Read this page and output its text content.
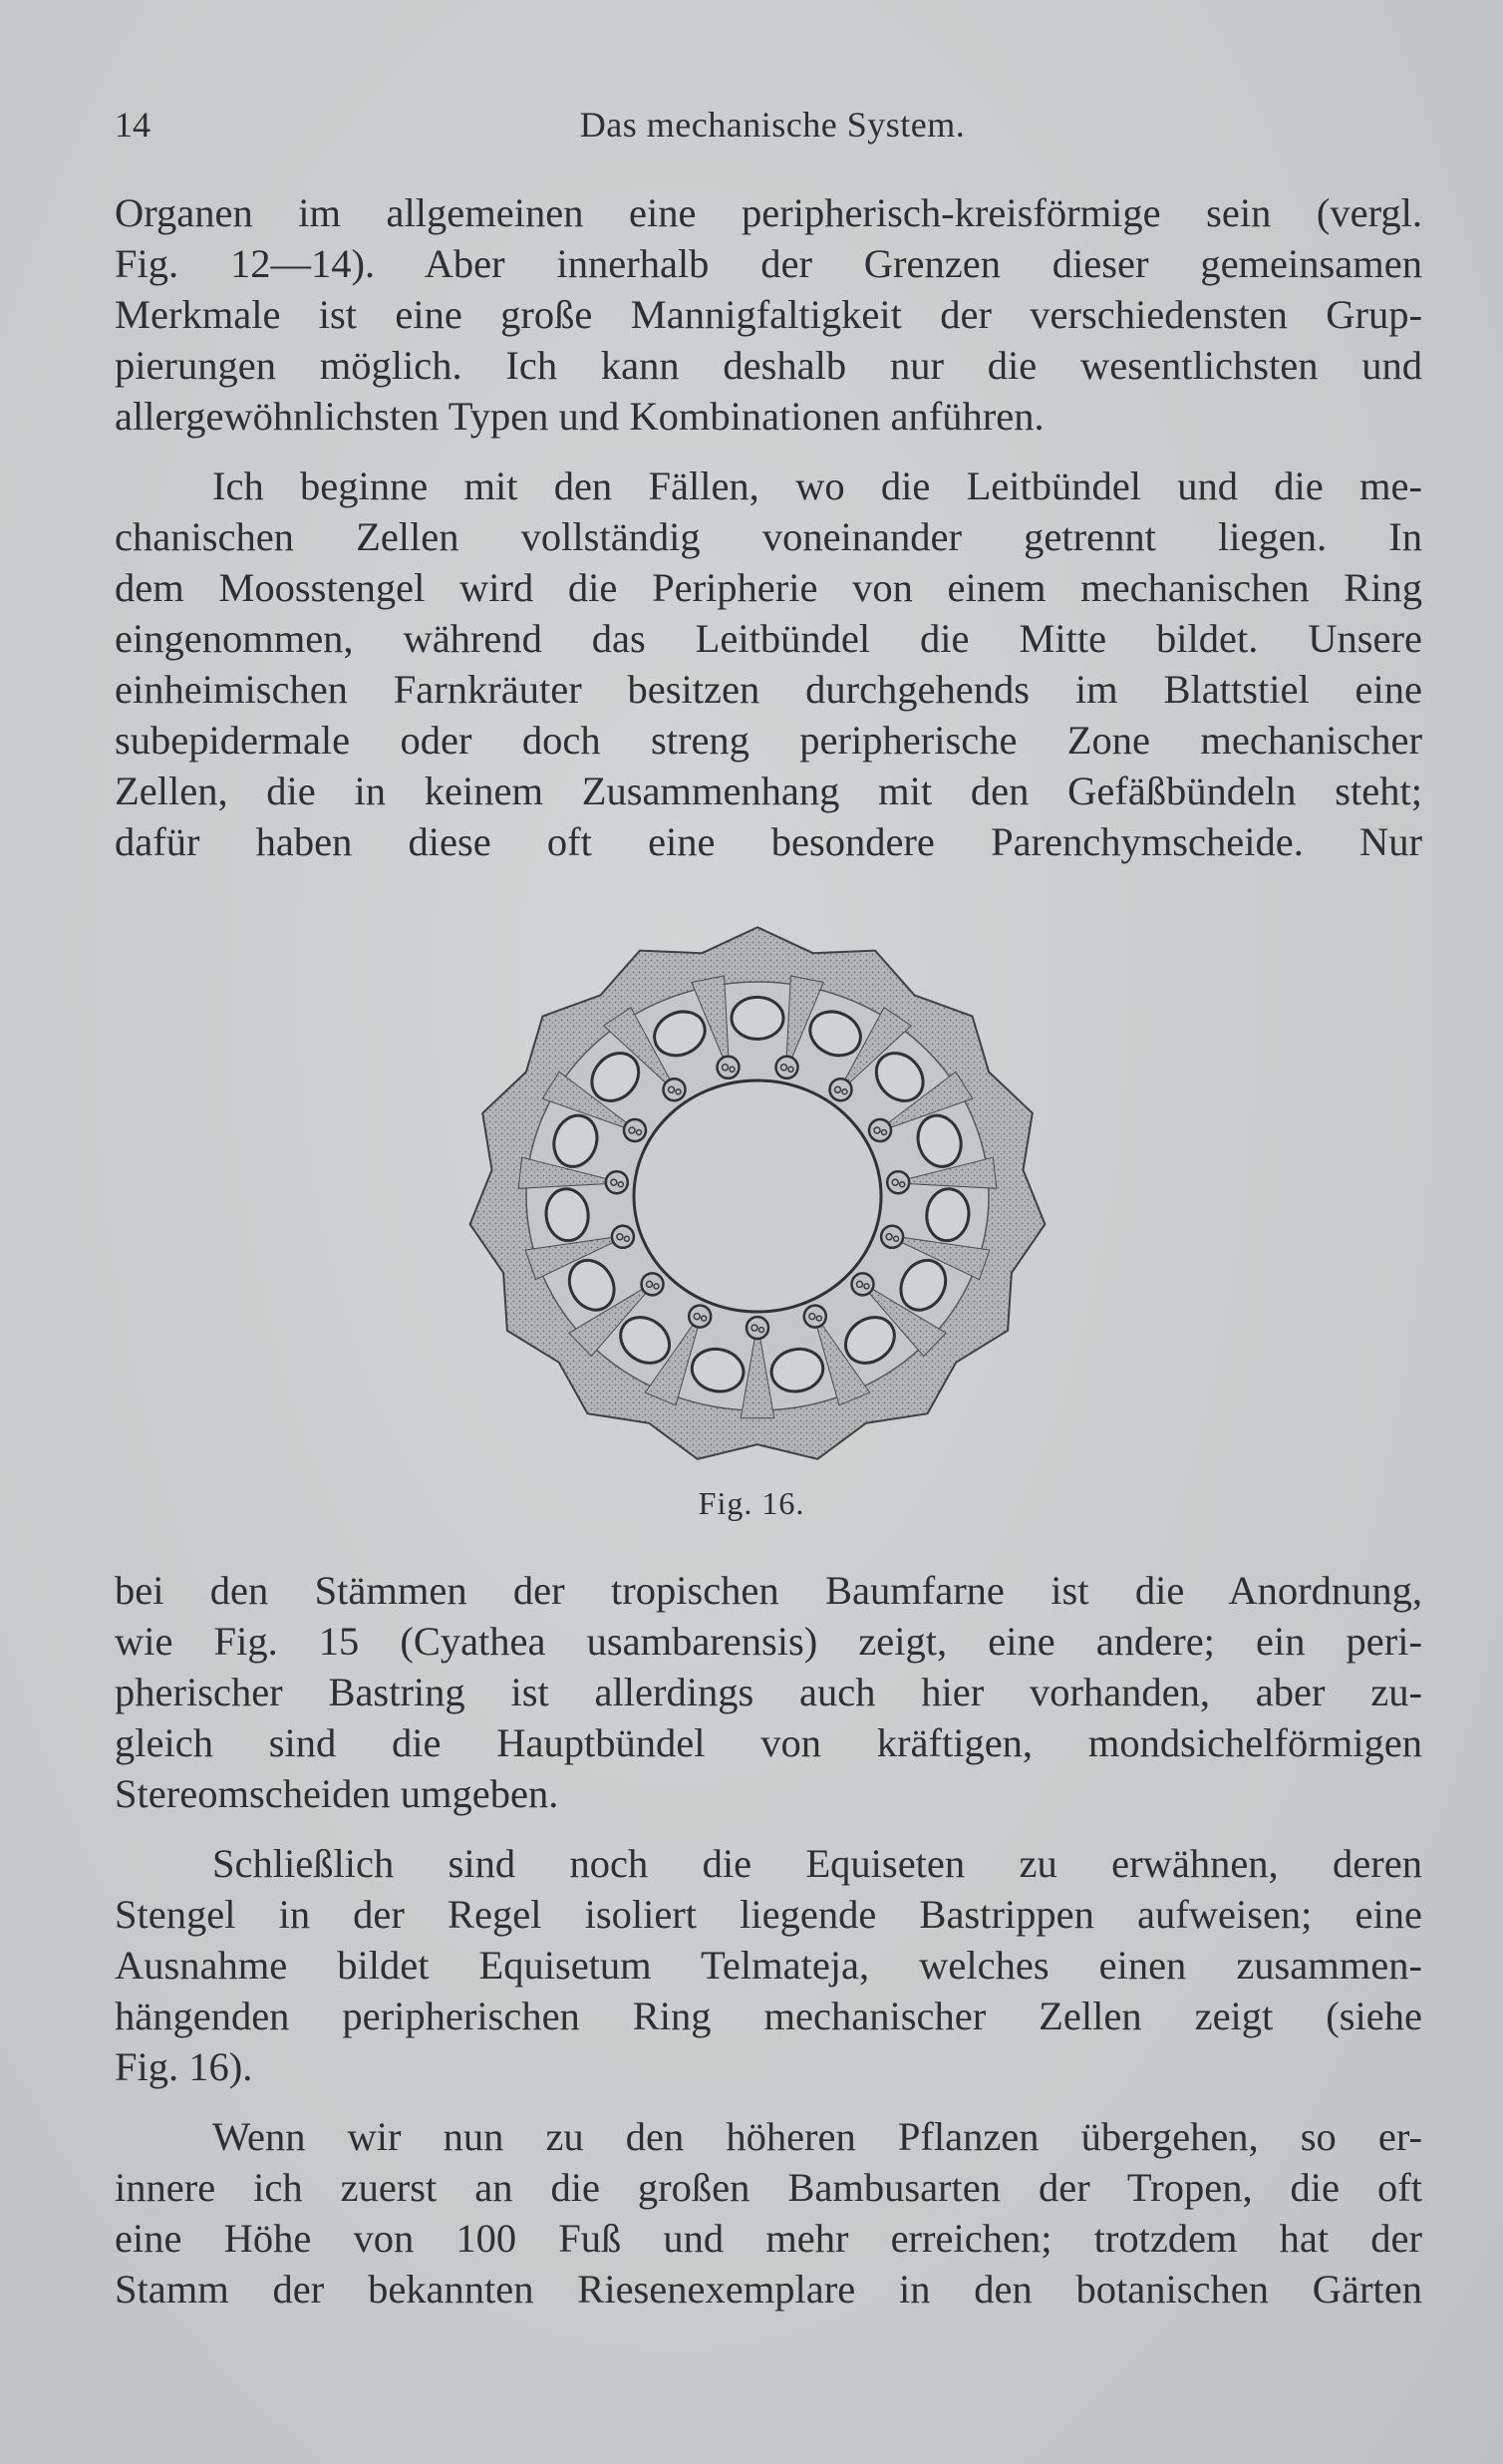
14	Das mechanische System.
Organen im allgemeinen eine peripherisch-kreisförmige sein (vergl.
Fig. 12—14). Aber innerhalb der Grenzen dieser gemeinsamen
Merkmale ist eine große Mannigfaltigkeit der verschiedensten Grup-
pierungen möglich. Ich kann deshalb nur die wesentlichsten und
allergewöhnlichsten Typen und Kombinationen anführen.
Ich beginne mit den Fällen, wo die Leitbündel und die me-
chanischen Zellen vollständig voneinander getrennt liegen. In
dem Moosstengel wird die Peripherie von einem mechanischen Ring
eingenommen, während das Leitbündel die Mitte bildet. Unsere
einheimischen Farnkräuter besitzen durchgehends im Blattstiel eine
subepidermale oder doch streng peripherische Zone mechanischer
Zellen, die in keinem Zusammenhang mit den Gefäßbündeln steht;
dafür haben diese oft eine besondere Parenchymscheide. Nur
Fig. 16.
bei den Stämmen der tropischen Baumfarne ist die Anordnung,
wie Fig. 15 (Cyathea usambarensis) zeigt, eine andere; ein peri-
pherischer Bastring ist allerdings auch hier vorhanden, aber zu-
gleich sind die Hauptbündel von kräftigen, mondsichelförmigen
Stereomscheiden umgeben.
Schließlich sind noch die Equiseten zu erwähnen, deren
Stengel in der Regel isoliert liegende Bastrippen aufweisen; eine
Ausnahme bildet Equisetum Telmateja, welches einen zusammen-
hängenden peripherischen Ring mechanischer Zellen zeigt (siehe
Fig. 16).
Wenn wir nun zu den höheren Pflanzen übergehen, so er-
innere ich zuerst an die großen Bambusarten der Tropen, die oft
eine Höhe von 100 Fuß und mehr erreichen; trotzdem hat der
Stamm der bekannten Riesenexemplare in den botanischen Gärten
